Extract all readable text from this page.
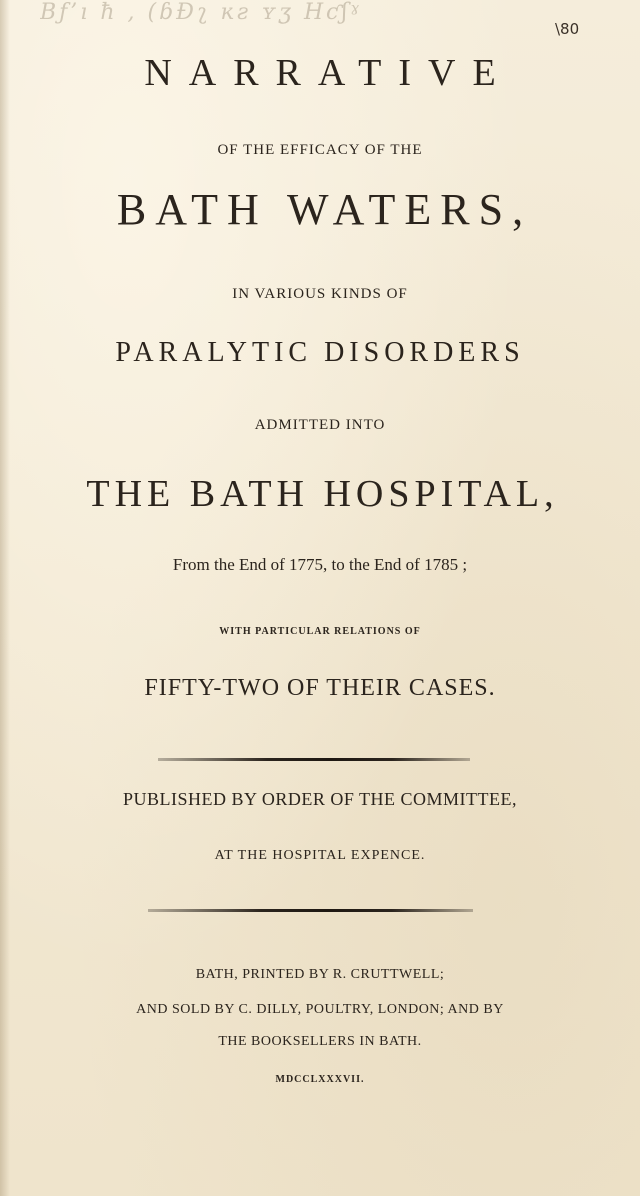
Bƒ’ı ħ , (ɓƉʅ ĸƨ ʏʒ Hƈʃˠ
\80
NARRATIVE
OF THE EFFICACY OF THE
BATH WATERS,
IN VARIOUS KINDS OF
PARALYTIC DISORDERS
ADMITTED INTO
THE BATH HOSPITAL,
From the End of 1775, to the End of 1785 ;
WITH PARTICULAR RELATIONS OF
FIFTY-TWO OF THEIR CASES.
PUBLISHED BY ORDER OF THE COMMITTEE,
AT THE HOSPITAL EXPENCE.
BATH, PRINTED BY R. CRUTTWELL;
AND SOLD BY C. DILLY, POULTRY, LONDON; AND BY
THE BOOKSELLERS IN BATH.
MDCCLXXXVII.
